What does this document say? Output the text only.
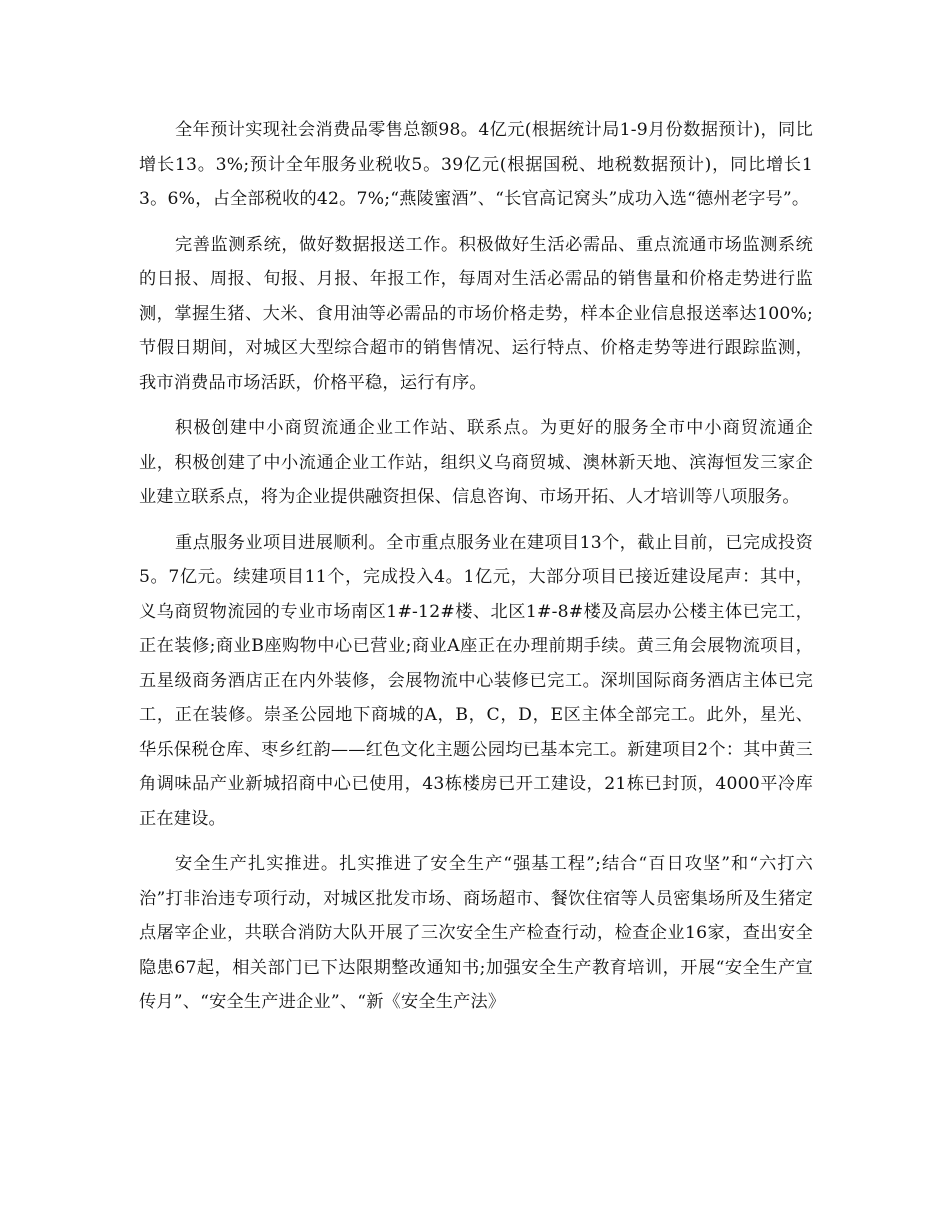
全年预计实现社会消费品零售总额98。4亿元(根据统计局1-9月份数据预计)，同比增长13。3%;预计全年服务业税收5。39亿元(根据国税、地税数据预计)，同比增长13。6%，占全部税收的42。7%;“燕陵蜜酒”、“长官高记窝头”成功入选“德州老字号”。

完善监测系统，做好数据报送工作。积极做好生活必需品、重点流通市场监测系统的日报、周报、旬报、月报、年报工作，每周对生活必需品的销售量和价格走势进行监测，掌握生猪、大米、食用油等必需品的市场价格走势，样本企业信息报送率达100%;节假日期间，对城区大型综合超市的销售情况、运行特点、价格走势等进行跟踪监测，我市消费品市场活跃，价格平稳，运行有序。

积极创建中小商贸流通企业工作站、联系点。为更好的服务全市中小商贸流通企业，积极创建了中小流通企业工作站，组织义乌商贸城、澳林新天地、滨海恒发三家企业建立联系点，将为企业提供融资担保、信息咨询、市场开拓、人才培训等八项服务。

重点服务业项目进展顺利。全市重点服务业在建项目13个，截止目前，已完成投资5。7亿元。续建项目11个，完成投入4。1亿元，大部分项目已接近建设尾声：其中，义乌商贸物流园的专业市场南区1#-12#楼、北区1#-8#楼及高层办公楼主体已完工，正在装修;商业B座购物中心已营业;商业A座正在办理前期手续。黄三角会展物流项目，五星级商务酒店正在内外装修，会展物流中心装修已完工。深圳国际商务酒店主体已完工，正在装修。崇圣公园地下商城的A，B，C，D，E区主体全部完工。此外，星光、华乐保税仓库、枣乡红韵——红色文化主题公园均已基本完工。新建项目2个：其中黄三角调味品产业新城招商中心已使用，43栋楼房已开工建设，21栋已封顶，4000平冷库正在建设。

安全生产扎实推进。扎实推进了安全生产“强基工程”;结合“百日攻坚”和“六打六治”打非治违专项行动，对城区批发市场、商场超市、餐饮住宿等人员密集场所及生猪定点屠宰企业，共联合消防大队开展了三次安全生产检查行动，检查企业16家，查出安全隐患67起，相关部门已下达限期整改通知书;加强安全生产教育培训，开展“安全生产宣传月”、“安全生产进企业”、“新《安全生产法》
